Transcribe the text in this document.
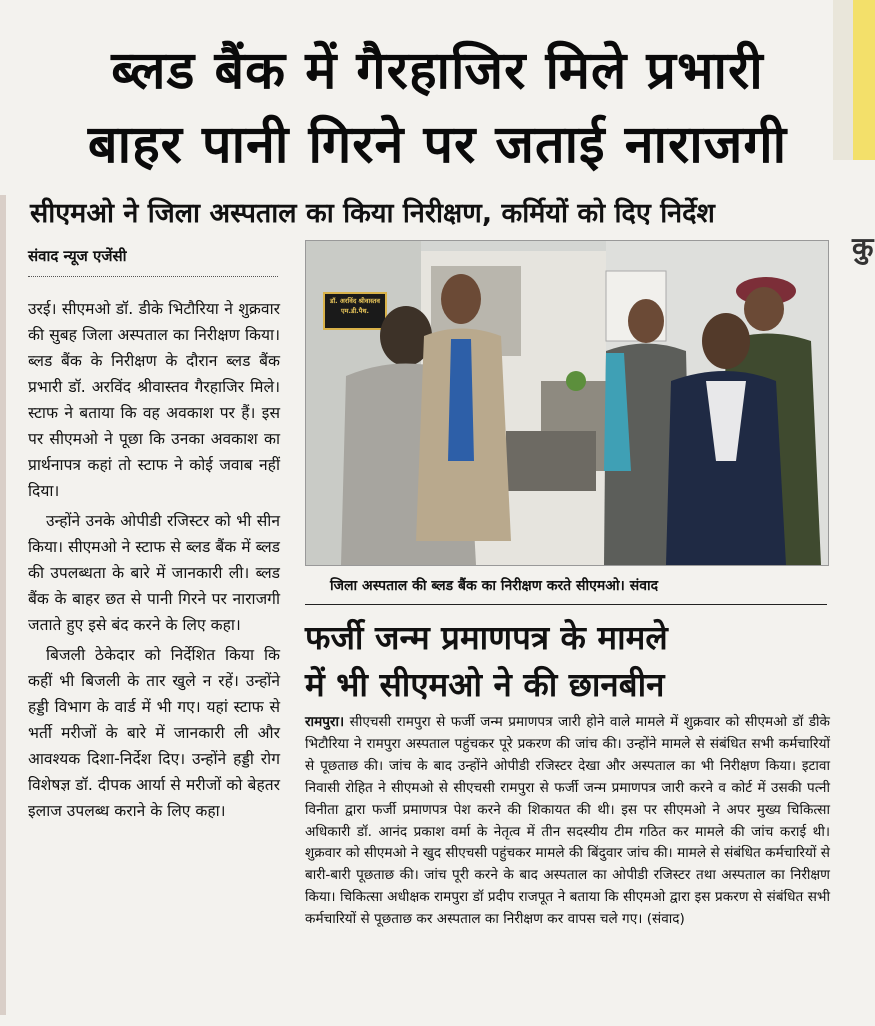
कु
ब्लड बैंक में गैरहाजिर मिले प्रभारी
बाहर पानी गिरने पर जताई नाराजगी
सीएमओ ने जिला अस्पताल का किया निरीक्षण, कर्मियों को दिए निर्देश
संवाद न्यूज एजेंसी

उरई। सीएमओ डॉ. डीके भिटौरिया ने शुक्रवार की सुबह जिला अस्पताल का निरीक्षण किया। ब्लड बैंक के निरीक्षण के दौरान ब्लड बैंक प्रभारी डॉ. अरविंद श्रीवास्तव गैरहाजिर मिले। स्टाफ ने बताया कि वह अवकाश पर हैं। इस पर सीएमओ ने पूछा कि उनका अवकाश का प्रार्थनापत्र कहां तो स्टाफ ने कोई जवाब नहीं दिया।

उन्होंने उनके ओपीडी रजिस्टर को भी सीन किया। सीएमओ ने स्टाफ से ब्लड बैंक में ब्लड की उपलब्धता के बारे में जानकारी ली। ब्लड बैंक के बाहर छत से पानी गिरने पर नाराजगी जताते हुए इसे बंद करने के लिए कहा।

बिजली ठेकेदार को निर्देशित किया कि कहीं भी बिजली के तार खुले न रहें। उन्होंने हड्डी विभाग के वार्ड में भी गए। यहां स्टाफ से भर्ती मरीजों के बारे में जानकारी ली और आवश्यक दिशा-निर्देश दिए। उन्होंने हड्डी रोग विशेषज्ञ डॉ. दीपक आर्या से मरीजों को बेहतर इलाज उपलब्ध कराने के लिए कहा।

डॉ. अरविंद श्रीवास्तव
एम.डी.पैथ.
जिला अस्पताल की ब्लड बैंक का निरीक्षण करते सीएमओ। संवाद
फर्जी जन्म प्रमाणपत्र के मामले
में भी सीएमओ ने की छानबीन
रामपुरा। सीएचसी रामपुरा से फर्जी जन्म प्रमाणपत्र जारी होने वाले मामले में शुक्रवार को सीएमओ डॉ डीके भिटौरिया ने रामपुरा अस्पताल पहुंचकर पूरे प्रकरण की जांच की। उन्होंने मामले से संबंधित सभी कर्मचारियों से पूछताछ की। जांच के बाद उन्होंने ओपीडी रजिस्टर देखा और अस्पताल का भी निरीक्षण किया। इटावा निवासी रोहित ने सीएमओ से सीएचसी रामपुरा से फर्जी जन्म प्रमाणपत्र जारी करने व कोर्ट में उसकी पत्नी विनीता द्वारा फर्जी प्रमाणपत्र पेश करने की शिकायत की थी। इस पर सीएमओ ने अपर मुख्य चिकित्सा अधिकारी डॉ. आनंद प्रकाश वर्मा के नेतृत्व में तीन सदस्यीय टीम गठित कर मामले की जांच कराई थी। शुक्रवार को सीएमओ ने खुद सीएचसी पहुंचकर मामले की बिंदुवार जांच की। मामले से संबंधित कर्मचारियों से बारी-बारी पूछताछ की। जांच पूरी करने के बाद अस्पताल का ओपीडी रजिस्टर तथा अस्पताल का निरीक्षण किया। चिकित्सा अधीक्षक रामपुरा डॉ प्रदीप राजपूत ने बताया कि सीएमओ द्वारा इस प्रकरण से संबंधित सभी कर्मचारियों से पूछताछ कर अस्पताल का निरीक्षण कर वापस चले गए। (संवाद)
